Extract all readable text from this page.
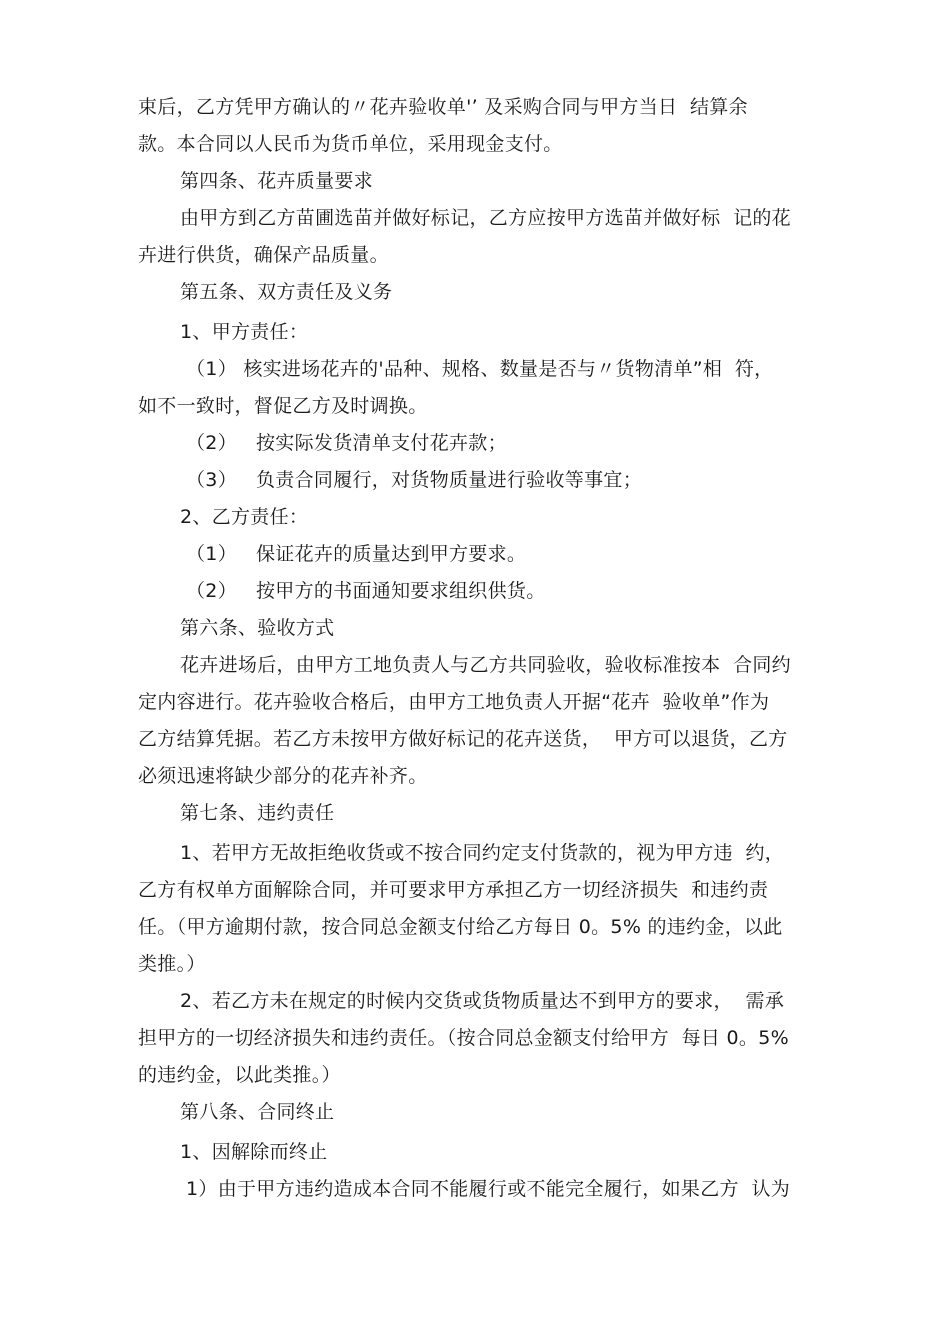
束后，乙方凭甲方确认的〃花卉验收单'’ 及采购合同与甲方当日  结算余
款。本合同以人民币为货币单位，采用现金支付。
第四条、花卉质量要求
由甲方到乙方苗圃选苗并做好标记，乙方应按甲方选苗并做好标  记的花
卉进行供货，确保产品质量。
第五条、双方责任及义务
1、甲方责任：
（1） 核实进场花卉的'品种、规格、数量是否与〃货物清单”相  符，
如不一致时，督促乙方及时调换。
（2）   按实际发货清单支付花卉款；
（3）   负责合同履行，对货物质量进行验收等事宜；
2、乙方责任：
（1）   保证花卉的质量达到甲方要求。
（2）   按甲方的书面通知要求组织供货。
第六条、验收方式
花卉进场后，由甲方工地负责人与乙方共同验收，验收标准按本  合同约
定内容进行。花卉验收合格后，由甲方工地负责人开据“花卉  验收单”作为
乙方结算凭据。若乙方未按甲方做好标记的花卉送货，  甲方可以退货，乙方
必须迅速将缺少部分的花卉补齐。
第七条、违约责任
1、若甲方无故拒绝收货或不按合同约定支付货款的，视为甲方违  约，
乙方有权单方面解除合同，并可要求甲方承担乙方一切经济损失  和违约责
任。（甲方逾期付款，按合同总金额支付给乙方每日 0。5% 的违约金，以此
类推。）
2、若乙方未在规定的时候内交货或货物质量达不到甲方的要求，  需承
担甲方的一切经济损失和违约责任。（按合同总金额支付给甲方  每日 0。5%
的违约金，以此类推。）
第八条、合同终止
1、因解除而终止
1）由于甲方违约造成本合同不能履行或不能完全履行，如果乙方  认为
